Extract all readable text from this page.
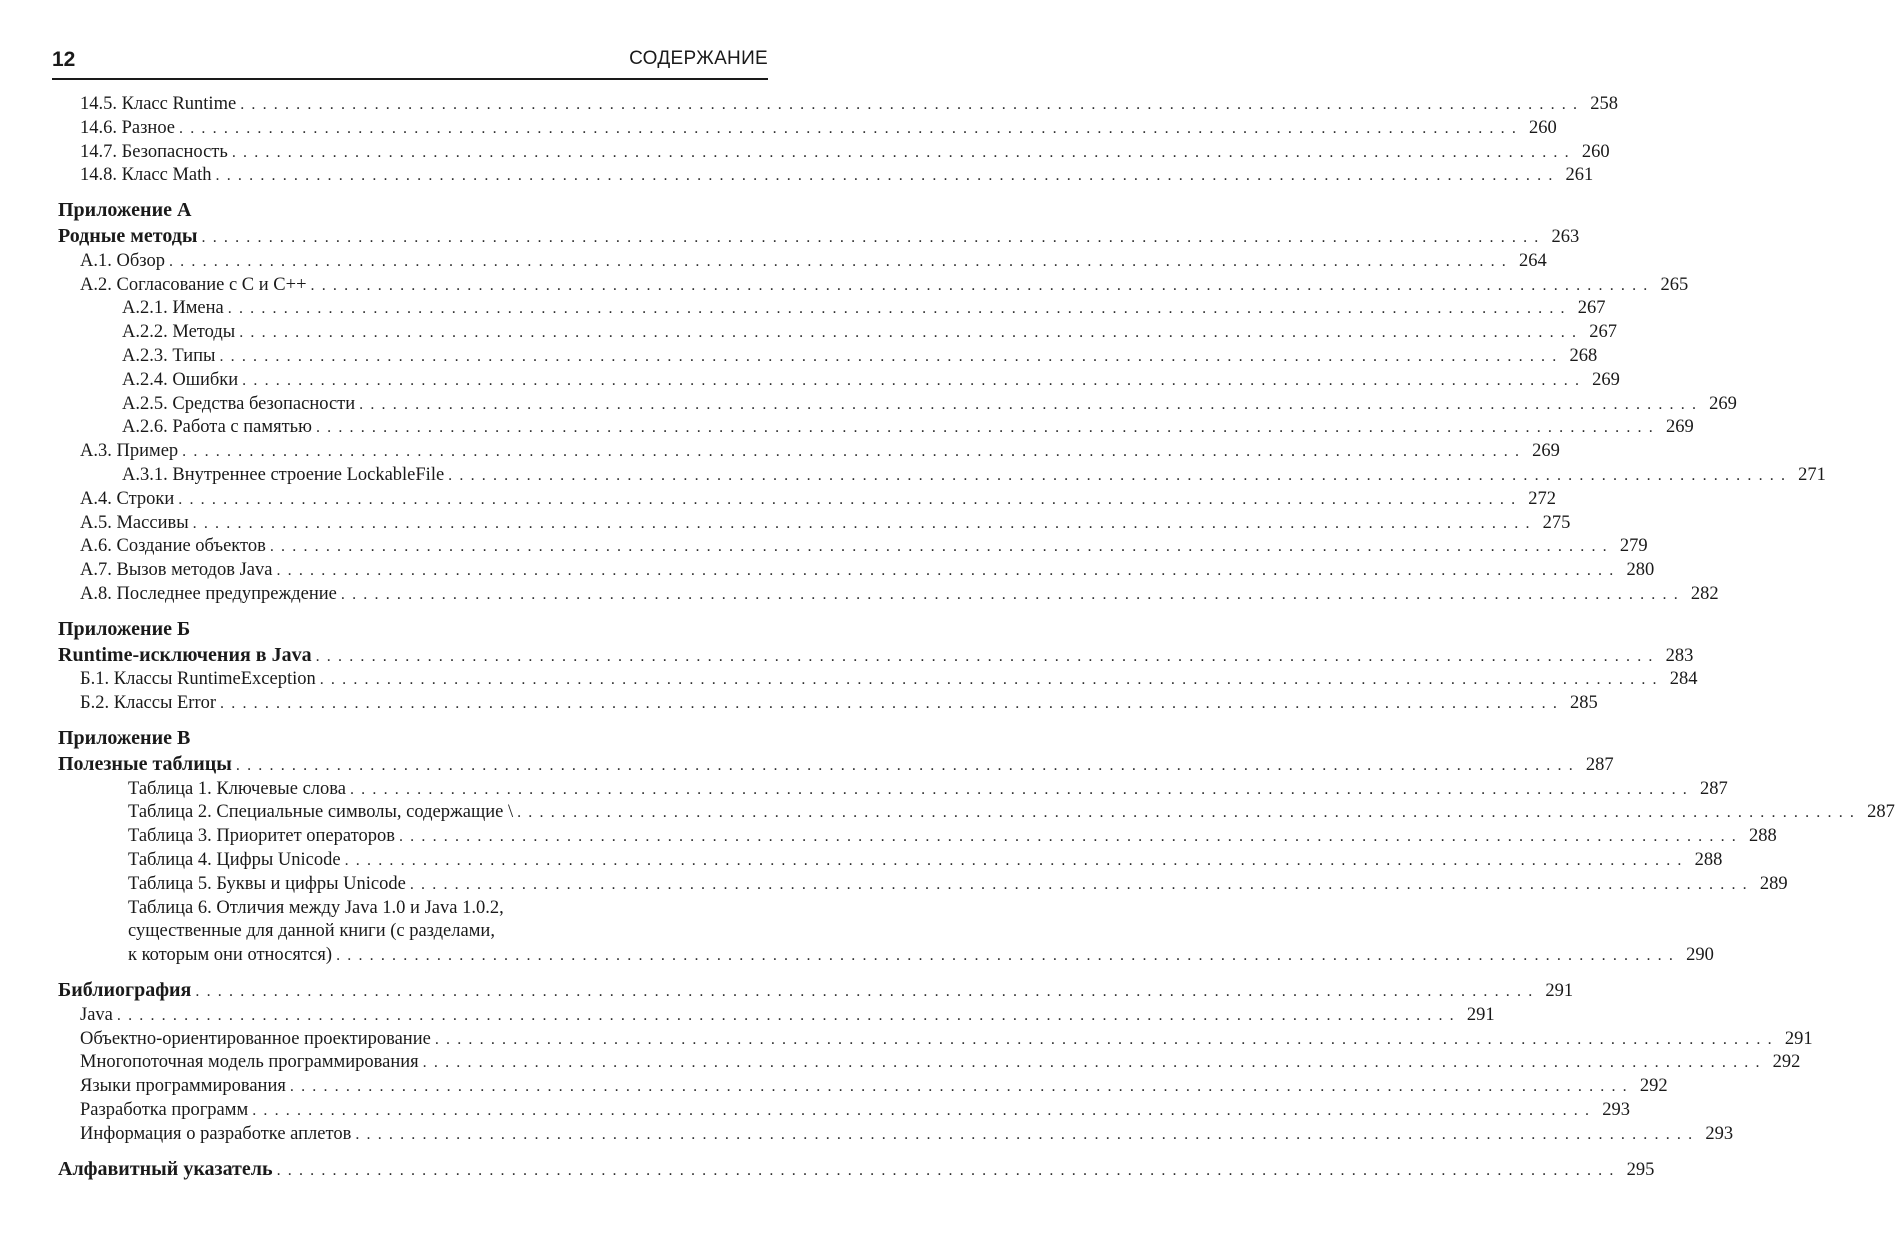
12	СОДЕРЖАНИЕ
14.5. Класс Runtime ........................................................................................................................ 258
14.6. Разное ........................................................................................................................ 260
14.7. Безопасность ........................................................................................................................ 260
14.8. Класс Math ........................................................................................................................ 261
Приложение А
Родные методы ........................................................................................................................ 263
А.1. Обзор ........................................................................................................................ 264
А.2. Согласование с С и С++ ........................................................................................................................ 265
А.2.1. Имена ........................................................................................................................ 267
А.2.2. Методы ........................................................................................................................ 267
А.2.3. Типы ........................................................................................................................ 268
А.2.4. Ошибки ........................................................................................................................ 269
А.2.5. Средства безопасности ........................................................................................................................ 269
А.2.6. Работа с памятью ........................................................................................................................ 269
А.3. Пример ........................................................................................................................ 269
А.3.1. Внутреннее строение LockableFile ........................................................................................................................ 271
А.4. Строки ........................................................................................................................ 272
А.5. Массивы ........................................................................................................................ 275
А.6. Создание объектов ........................................................................................................................ 279
А.7. Вызов методов Java ........................................................................................................................ 280
А.8. Последнее предупреждение ........................................................................................................................ 282
Приложение Б
Runtime-исключения в Java ........................................................................................................................ 283
Б.1. Классы RuntimeException ........................................................................................................................ 284
Б.2. Классы Error ........................................................................................................................ 285
Приложение В
Полезные таблицы ........................................................................................................................ 287
Таблица 1. Ключевые слова ........................................................................................................................ 287
Таблица 2. Специальные символы, содержащие \ ........................................................................................................................ 287
Таблица 3. Приоритет операторов ........................................................................................................................ 288
Таблица 4. Цифры Unicode ........................................................................................................................ 288
Таблица 5. Буквы и цифры Unicode ........................................................................................................................ 289
Таблица 6. Отличия между Java 1.0 и Java 1.0.2,
существенные для данной книги (с разделами,
к которым они относятся) ........................................................................................................................ 290
Библиография ........................................................................................................................ 291
Java ........................................................................................................................ 291
Объектно-ориентированное проектирование ........................................................................................................................ 291
Многопоточная модель программирования ........................................................................................................................ 292
Языки программирования ........................................................................................................................ 292
Разработка программ ........................................................................................................................ 293
Информация о разработке аплетов ........................................................................................................................ 293
Алфавитный указатель ........................................................................................................................ 295
